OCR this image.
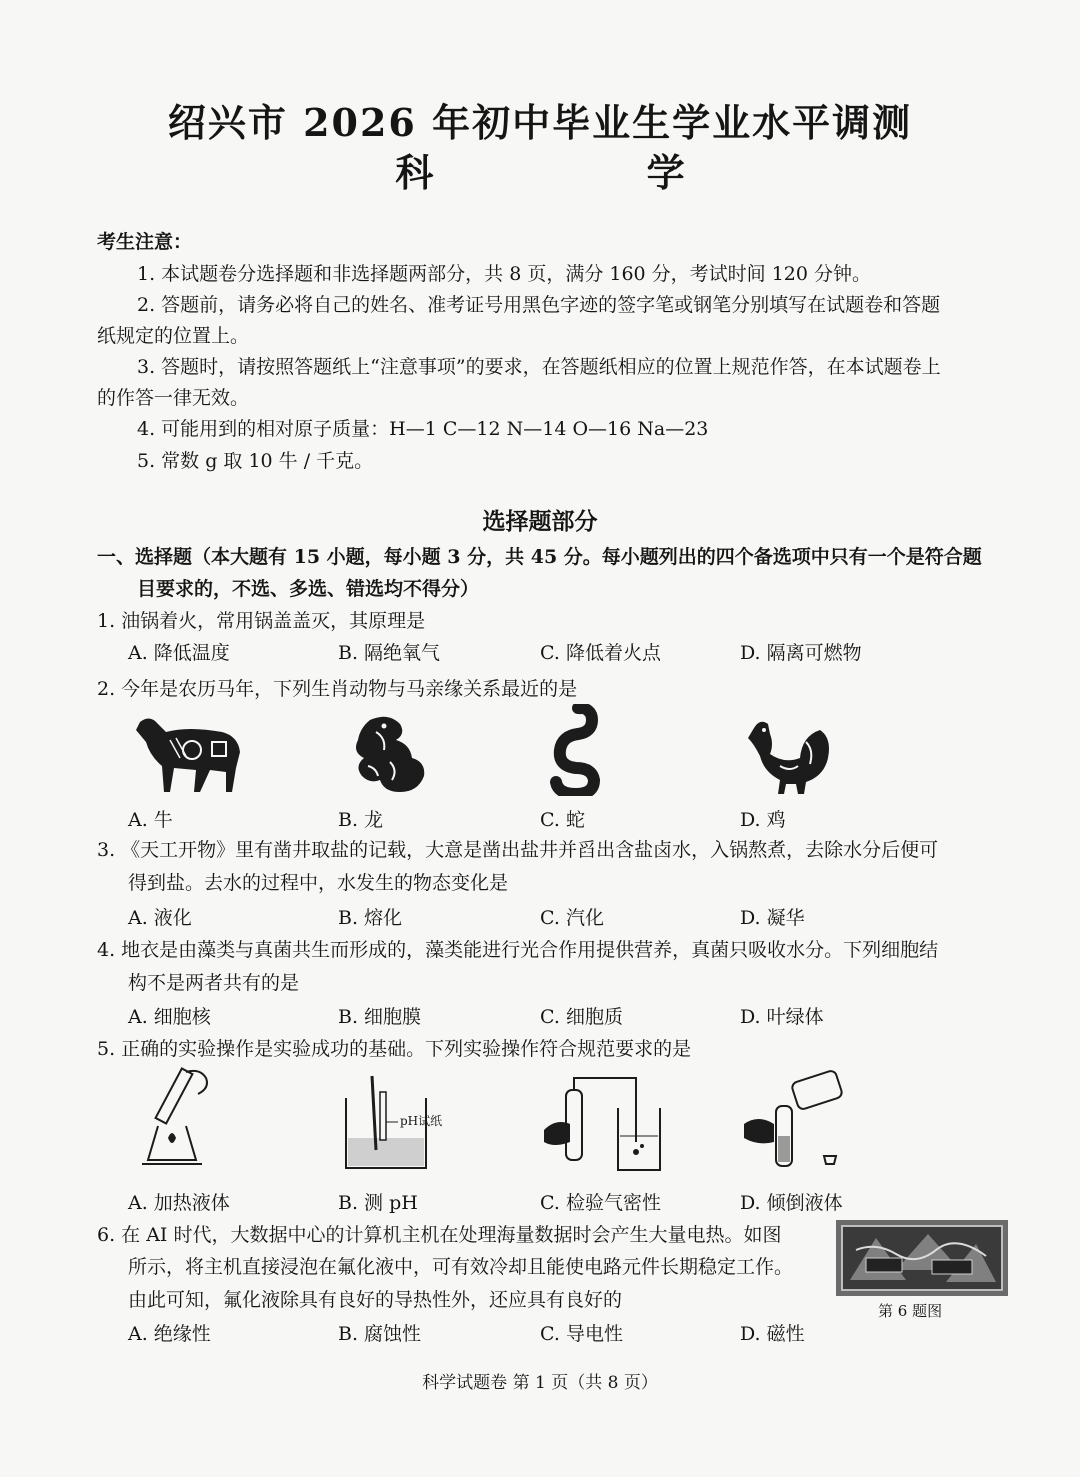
绍兴市 2026 年初中毕业生学业水平调测
科 学
考生注意：
1. 本试题卷分选择题和非选择题两部分，共 8 页，满分 160 分，考试时间 120 分钟。
2. 答题前，请务必将自己的姓名、准考证号用黑色字迹的签字笔或钢笔分别填写在试题卷和答题
纸规定的位置上。
3. 答题时，请按照答题纸上“注意事项”的要求，在答题纸相应的位置上规范作答，在本试题卷上
的作答一律无效。
4. 可能用到的相对原子质量：H—1 C—12 N—14 O—16 Na—23
5. 常数 g 取 10 牛 / 千克。
选择题部分
一、选择题（本大题有 15 小题，每小题 3 分，共 45 分。每小题列出的四个备选项中只有一个是符合题
目要求的，不选、多选、错选均不得分）
1. 油锅着火，常用锅盖盖灭，其原理是
A. 降低温度	B. 隔绝氧气	C. 降低着火点	D. 隔离可燃物
2. 今年是农历马年，下列生肖动物与马亲缘关系最近的是
A. 牛	B. 龙	C. 蛇	D. 鸡
3. 《天工开物》里有凿井取盐的记载，大意是凿出盐井并舀出含盐卤水，入锅熬煮，去除水分后便可
得到盐。去水的过程中，水发生的物态变化是
A. 液化	B. 熔化	C. 汽化	D. 凝华
4. 地衣是由藻类与真菌共生而形成的，藻类能进行光合作用提供营养，真菌只吸收水分。下列细胞结
构不是两者共有的是
A. 细胞核	B. 细胞膜	C. 细胞质	D. 叶绿体
5. 正确的实验操作是实验成功的基础。下列实验操作符合规范要求的是
pH试纸
A. 加热液体	B. 测 pH	C. 检验气密性	D. 倾倒液体
6. 在 AI 时代，大数据中心的计算机主机在处理海量数据时会产生大量电热。如图
所示，将主机直接浸泡在氟化液中，可有效冷却且能使电路元件长期稳定工作。
由此可知，氟化液除具有良好的导热性外，还应具有良好的	第 6 题图
A. 绝缘性	B. 腐蚀性	C. 导电性	D. 磁性
科学试题卷 第 1 页（共 8 页）
